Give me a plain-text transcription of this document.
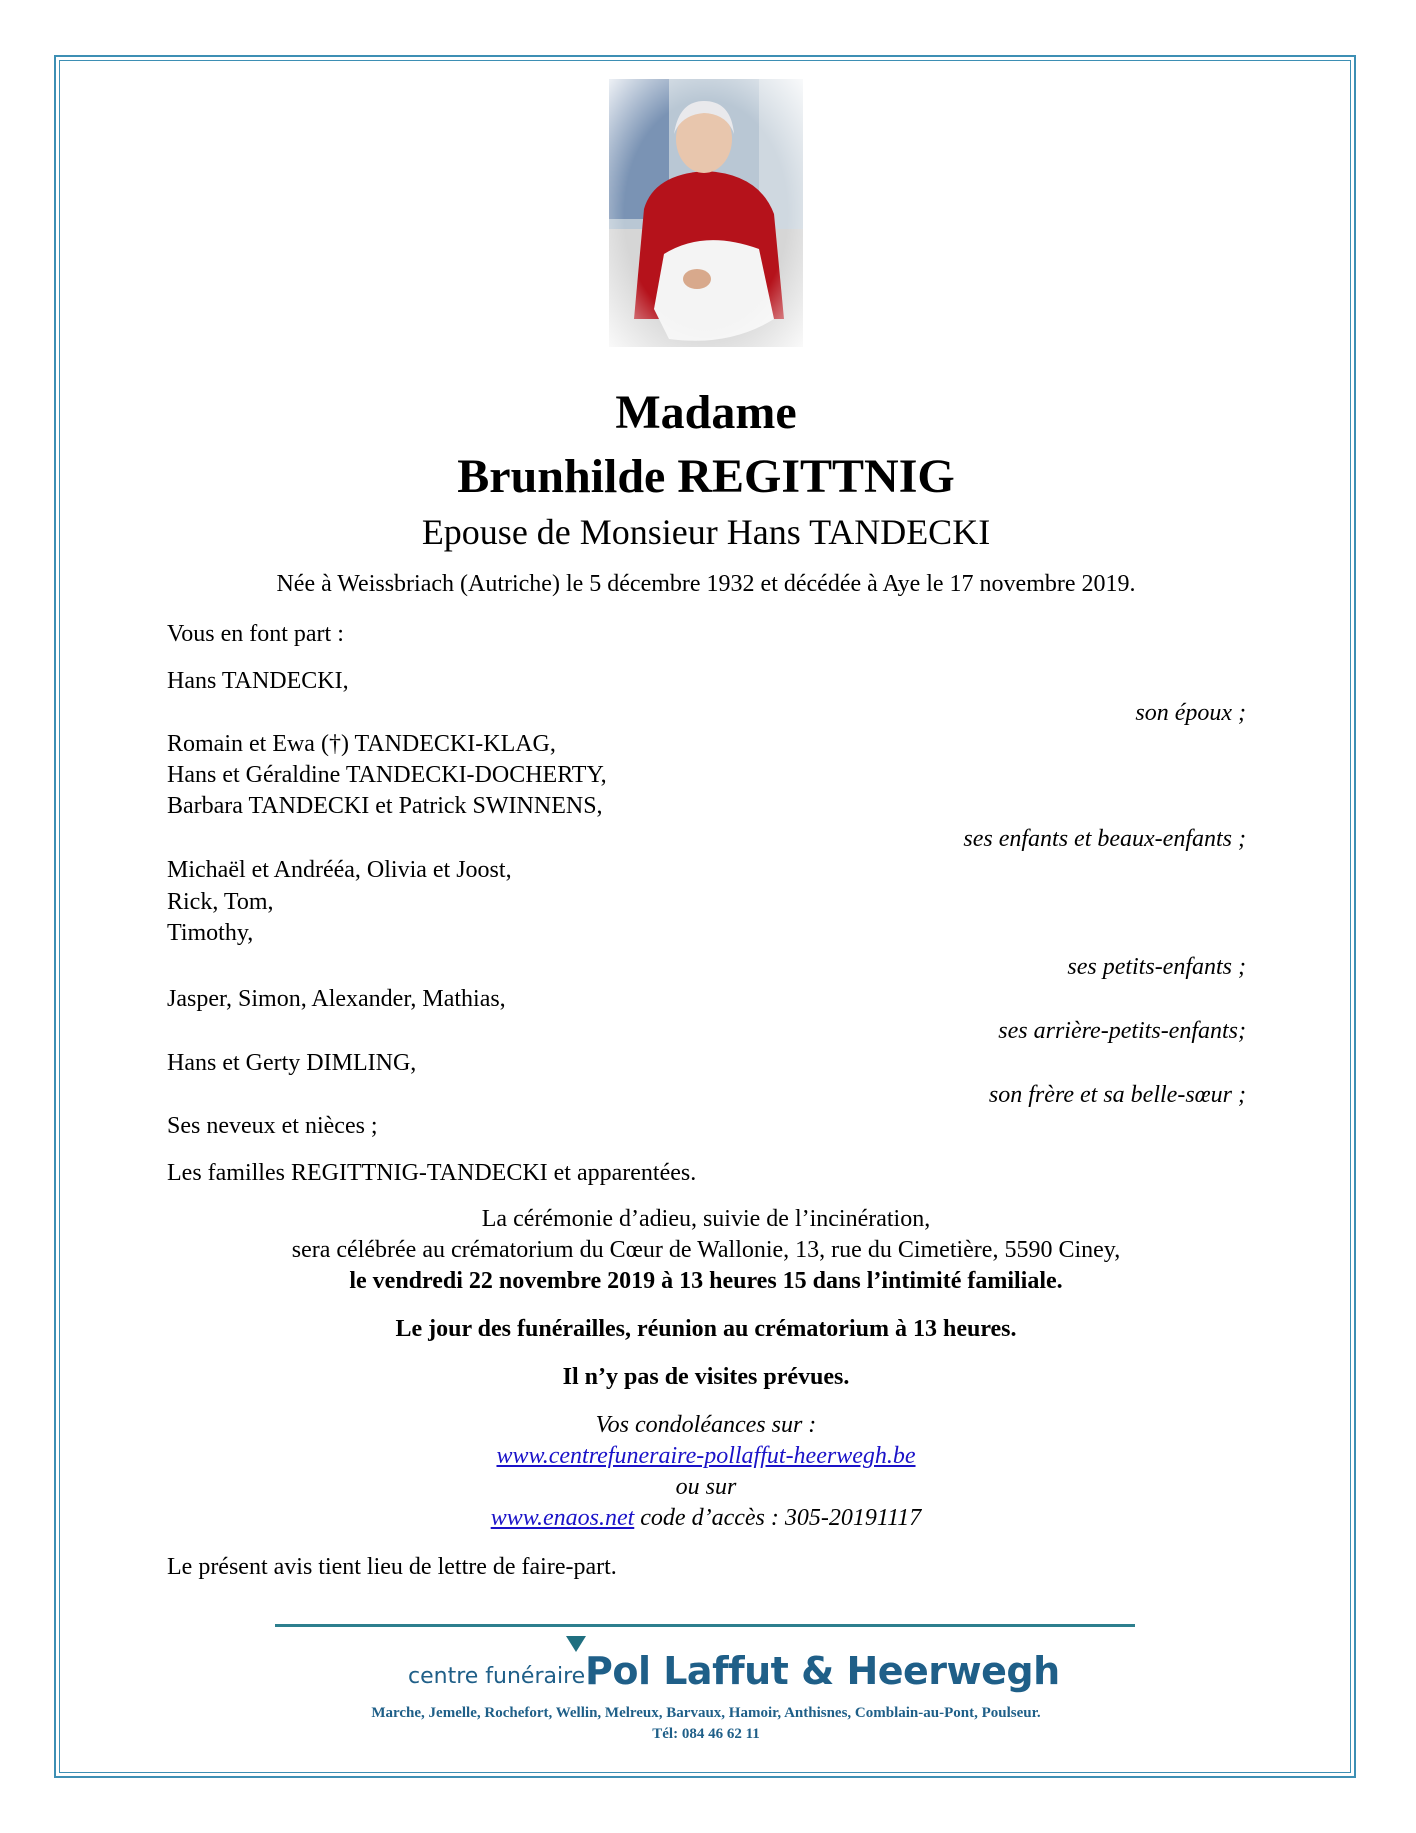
Madame
Brunhilde REGITTNIG
Epouse de Monsieur Hans TANDECKI
Née à Weissbriach (Autriche) le 5 décembre 1932 et décédée à Aye le 17 novembre 2019.
Vous en font part :
Hans TANDECKI,
son époux ;
Romain et Ewa (†) TANDECKI-KLAG,
Hans et Géraldine TANDECKI-DOCHERTY,
Barbara TANDECKI et Patrick SWINNENS,
ses enfants et beaux-enfants ;
Michaël et Andrééa, Olivia et Joost,
Rick, Tom,
Timothy,
ses petits-enfants ;
Jasper, Simon, Alexander, Mathias,
ses arrière-petits-enfants;
Hans et Gerty DIMLING,
son frère et sa belle-sœur ;
Ses neveux et nièces ;
Les familles REGITTNIG-TANDECKI et apparentées.
La cérémonie d’adieu, suivie de l’incinération,
sera célébrée au crématorium du Cœur de Wallonie, 13, rue du Cimetière, 5590 Ciney,
le vendredi 22 novembre 2019 à 13 heures 15 dans l’intimité familiale.
Le jour des funérailles, réunion au crématorium à 13 heures.
Il n’y pas de visites prévues.
Vos condoléances sur :
www.centrefuneraire-pollaffut-heerwegh.be
ou sur
www.enaos.net code d’accès : 305-20191117
Le présent avis tient lieu de lettre de faire-part.
centre funéraire Pol Laffut & Heerwegh
Marche, Jemelle, Rochefort, Wellin, Melreux, Barvaux, Hamoir, Anthisnes, Comblain-au-Pont, Poulseur.
Tél: 084 46 62 11
